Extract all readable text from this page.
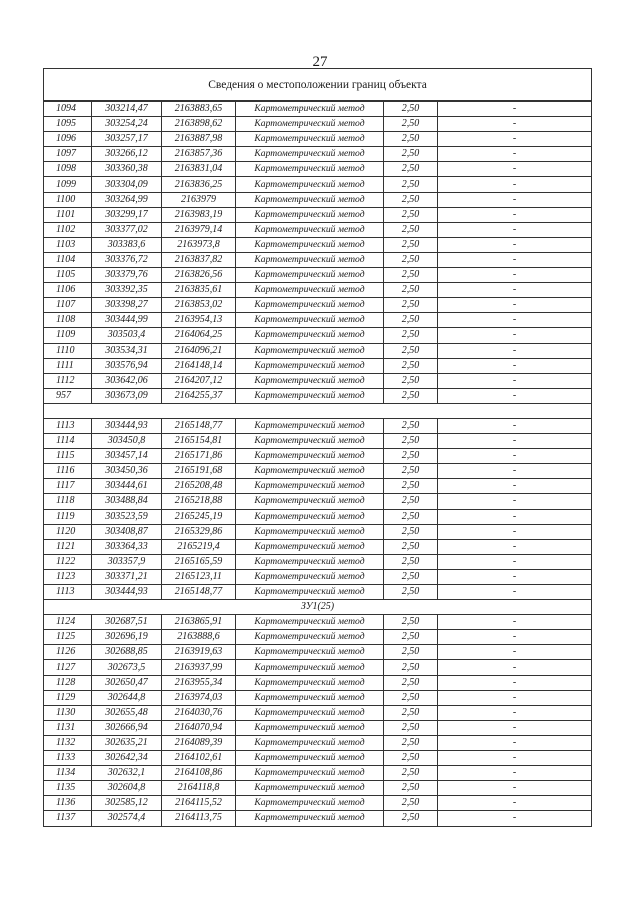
27
Сведения о местоположении границ объекта					
1094	303214,47	2163883,65	Картометрический метод	2,50	-
1095	303254,24	2163898,62	Картометрический метод	2,50	-
1096	303257,17	2163887,98	Картометрический метод	2,50	-
1097	303266,12	2163857,36	Картометрический метод	2,50	-
1098	303360,38	2163831,04	Картометрический метод	2,50	-
1099	303304,09	2163836,25	Картометрический метод	2,50	-
1100	303264,99	2163979	Картометрический метод	2,50	-
1101	303299,17	2163983,19	Картометрический метод	2,50	-
1102	303377,02	2163979,14	Картометрический метод	2,50	-
1103	303383,6	2163973,8	Картометрический метод	2,50	-
1104	303376,72	2163837,82	Картометрический метод	2,50	-
1105	303379,76	2163826,56	Картометрический метод	2,50	-
1106	303392,35	2163835,61	Картометрический метод	2,50	-
1107	303398,27	2163853,02	Картометрический метод	2,50	-
1108	303444,99	2163954,13	Картометрический метод	2,50	-
1109	303503,4	2164064,25	Картометрический метод	2,50	-
1110	303534,31	2164096,21	Картометрический метод	2,50	-
1111	303576,94	2164148,14	Картометрический метод	2,50	-
1112	303642,06	2164207,12	Картометрический метод	2,50	-
957	303673,09	2164255,37	Картометрический метод	2,50	-

1113	303444,93	2165148,77	Картометрический метод	2,50	-
1114	303450,8	2165154,81	Картометрический метод	2,50	-
1115	303457,14	2165171,86	Картометрический метод	2,50	-
1116	303450,36	2165191,68	Картометрический метод	2,50	-
1117	303444,61	2165208,48	Картометрический метод	2,50	-
1118	303488,84	2165218,88	Картометрический метод	2,50	-
1119	303523,59	2165245,19	Картометрический метод	2,50	-
1120	303408,87	2165329,86	Картометрический метод	2,50	-
1121	303364,33	2165219,4	Картометрический метод	2,50	-
1122	303357,9	2165165,59	Картометрический метод	2,50	-
1123	303371,21	2165123,11	Картометрический метод	2,50	-
1113	303444,93	2165148,77	Картометрический метод	2,50	-
ЗУ1(25)					
1124	302687,51	2163865,91	Картометрический метод	2,50	-
1125	302696,19	2163888,6	Картометрический метод	2,50	-
1126	302688,85	2163919,63	Картометрический метод	2,50	-
1127	302673,5	2163937,99	Картометрический метод	2,50	-
1128	302650,47	2163955,34	Картометрический метод	2,50	-
1129	302644,8	2163974,03	Картометрический метод	2,50	-
1130	302655,48	2164030,76	Картометрический метод	2,50	-
1131	302666,94	2164070,94	Картометрический метод	2,50	-
1132	302635,21	2164089,39	Картометрический метод	2,50	-
1133	302642,34	2164102,61	Картометрический метод	2,50	-
1134	302632,1	2164108,86	Картометрический метод	2,50	-
1135	302604,8	2164118,8	Картометрический метод	2,50	-
1136	302585,12	2164115,52	Картометрический метод	2,50	-
1137	302574,4	2164113,75	Картометрический метод	2,50	-
